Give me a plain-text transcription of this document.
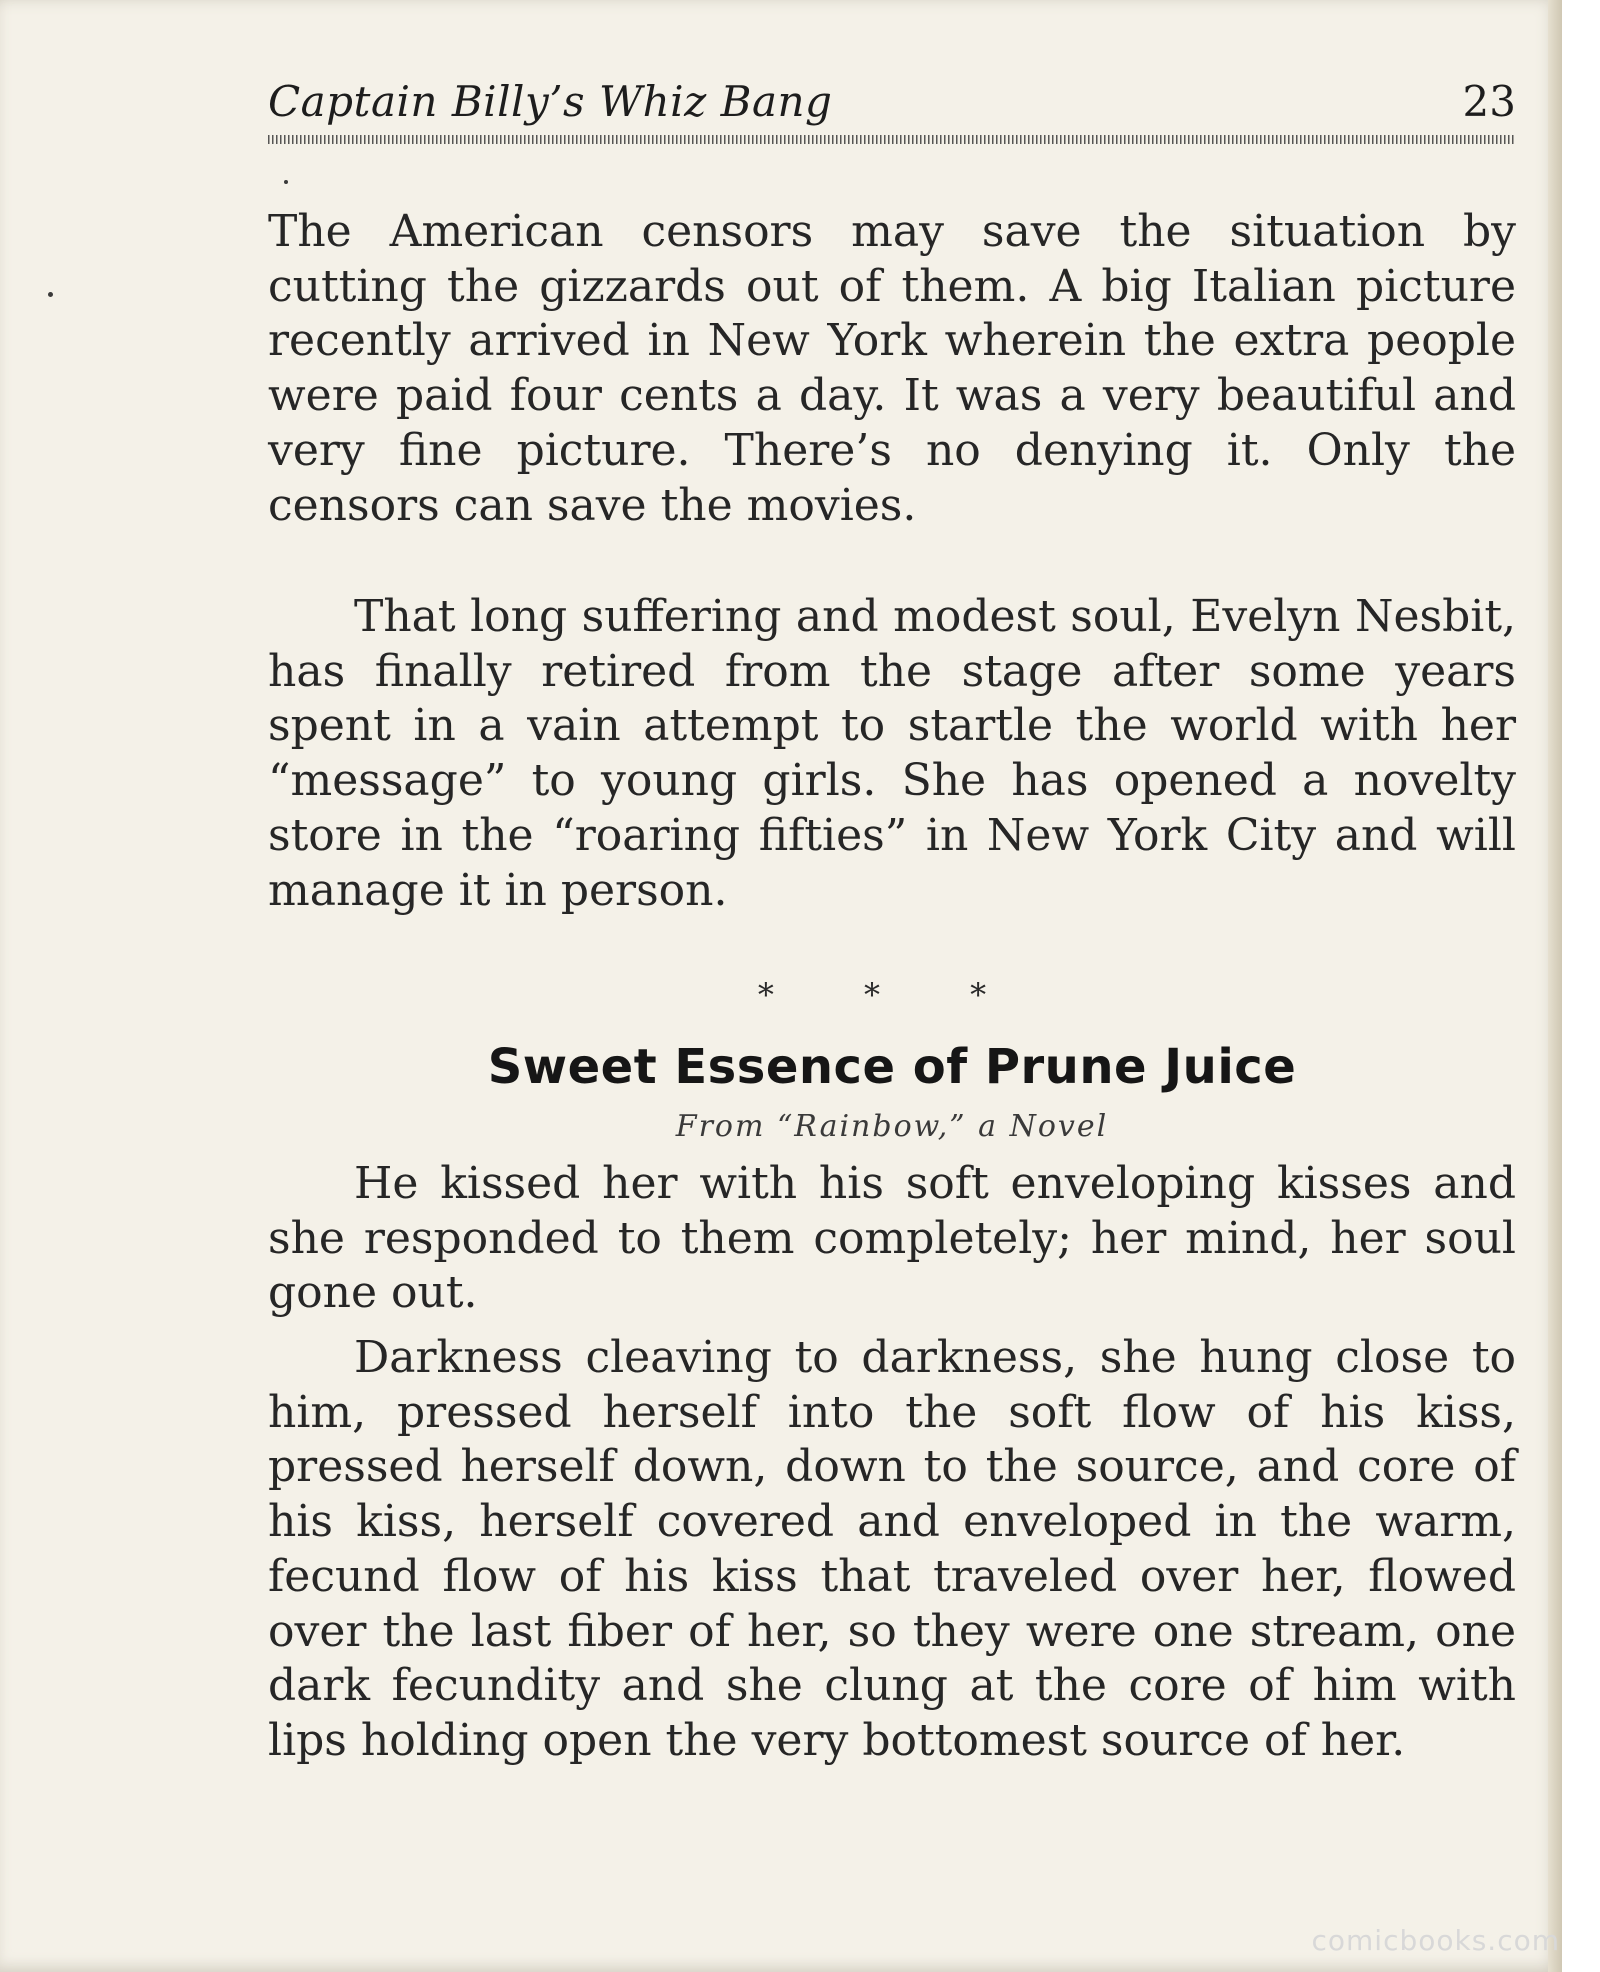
Captain Billy’s Whiz Bang	23

The American censors may save the situation by cutting the gizzards out of them. A big Italian picture recently arrived in New York wherein the extra people were paid four cents a day. It was a very beautiful and very fine picture. There’s no denying it. Only the censors can save the movies.

That long suffering and modest soul, Evelyn Nesbit, has finally retired from the stage after some years spent in a vain attempt to startle the world with her “message” to young girls. She has opened a novelty store in the “roaring fifties” in New York City and will manage it in person.

* * *
Sweet Essence of Prune Juice
From “Rainbow,” a Novel

He kissed her with his soft enveloping kisses and she responded to them completely; her mind, her soul gone out.

Darkness cleaving to darkness, she hung close to him, pressed herself into the soft flow of his kiss, pressed herself down, down to the source, and core of his kiss, herself covered and enveloped in the warm, fecund flow of his kiss that traveled over her, flowed over the last fiber of her, so they were one stream, one dark fecundity and she clung at the core of him with lips holding open the very bottomest source of her.

comicbooks.com
